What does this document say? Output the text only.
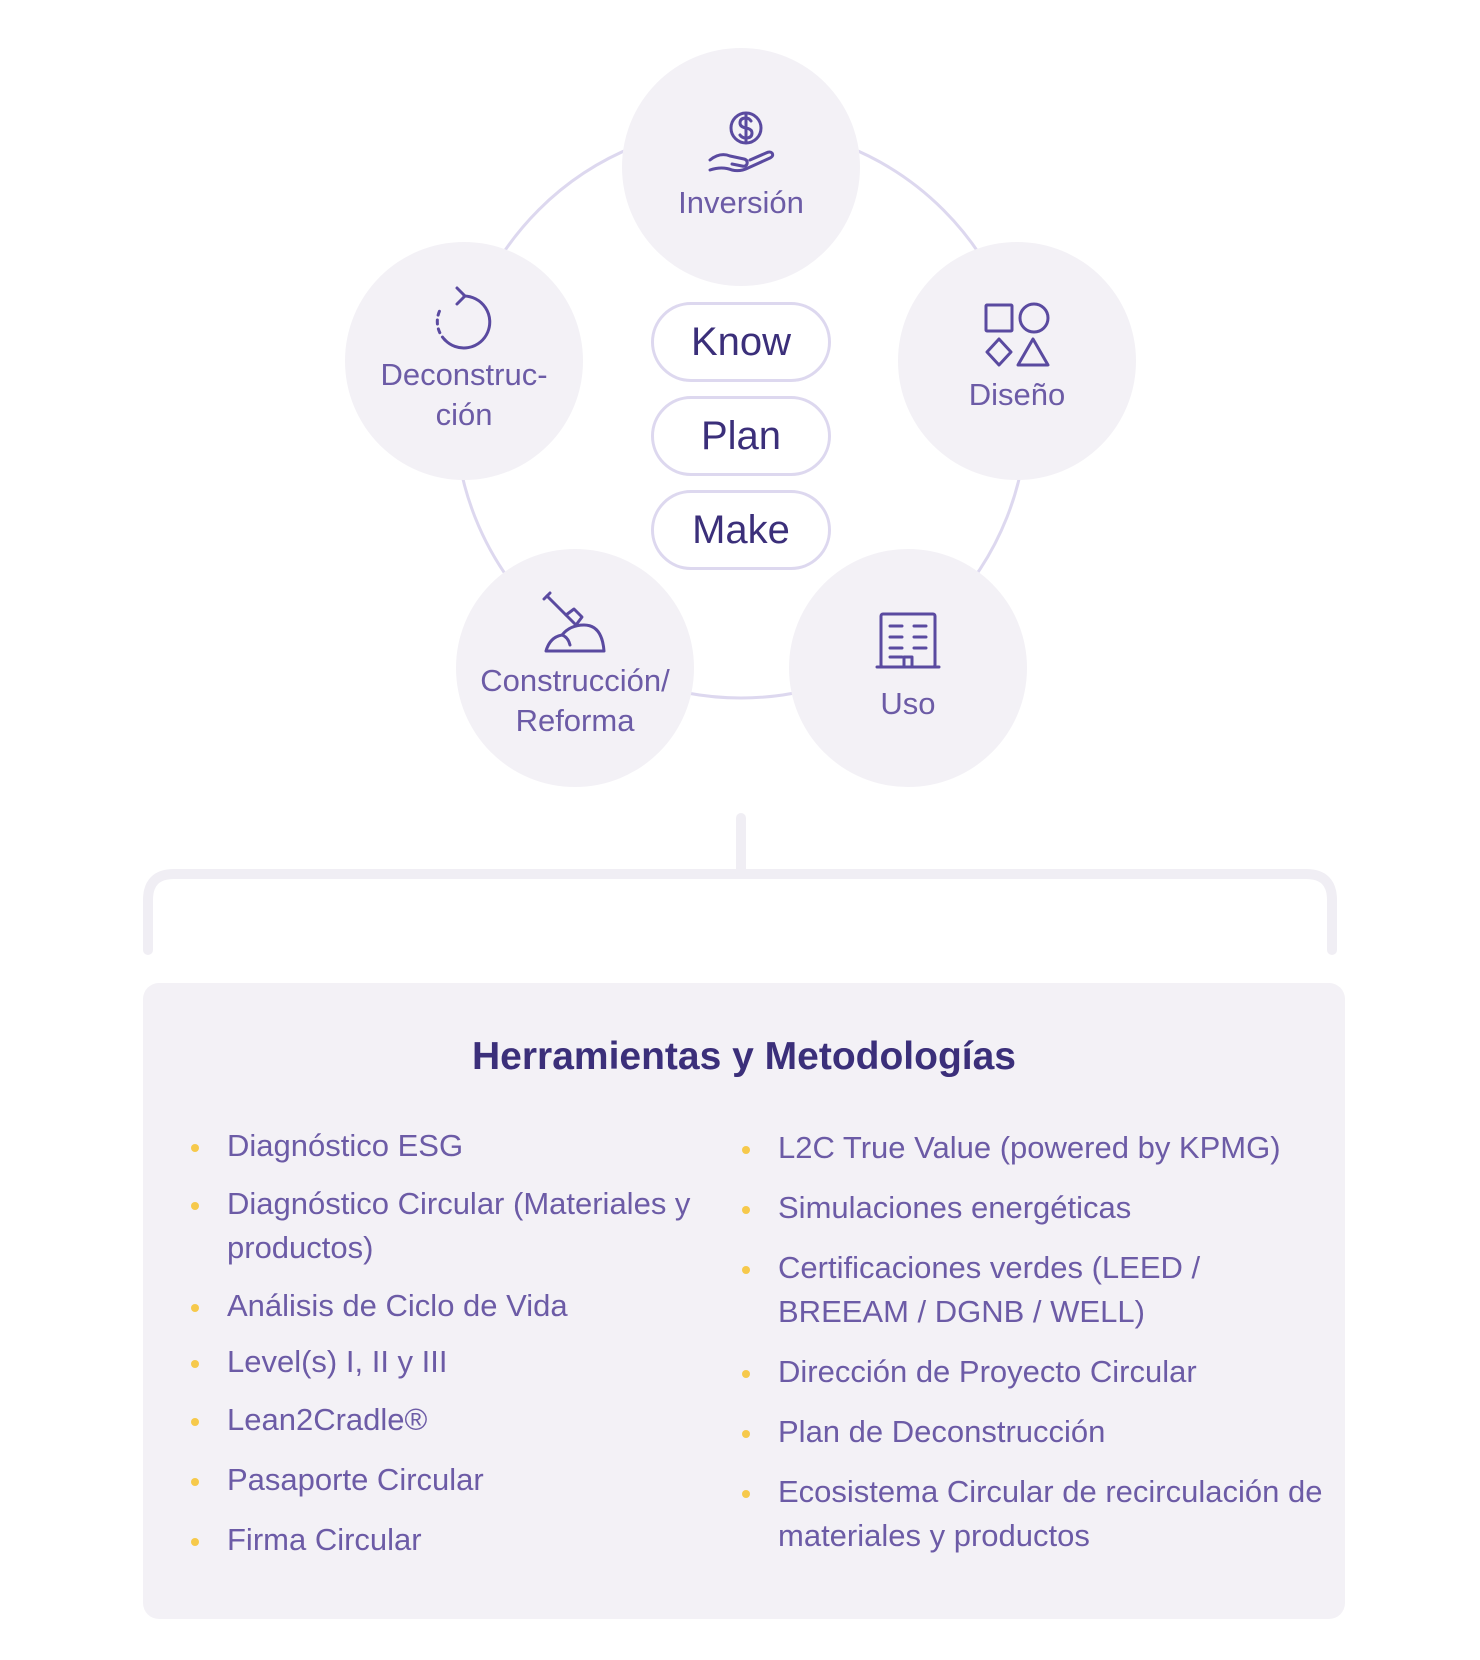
Inversión
Diseño
Uso
Construcción/
Reforma
Deconstruc-
ción
Know
Plan
Make
Herramientas y Metodologías
Diagnóstico ESG
Diagnóstico Circular (Materiales y productos)
Análisis de Ciclo de Vida
Level(s) I, II y III
Lean2Cradle®
Pasaporte Circular
Firma Circular
L2C True Value (powered by KPMG)
Simulaciones energéticas
Certificaciones verdes (LEED / BREEAM / DGNB / WELL)
Dirección de Proyecto Circular
Plan de Deconstrucción
Ecosistema Circular de recirculación de materiales y productos
